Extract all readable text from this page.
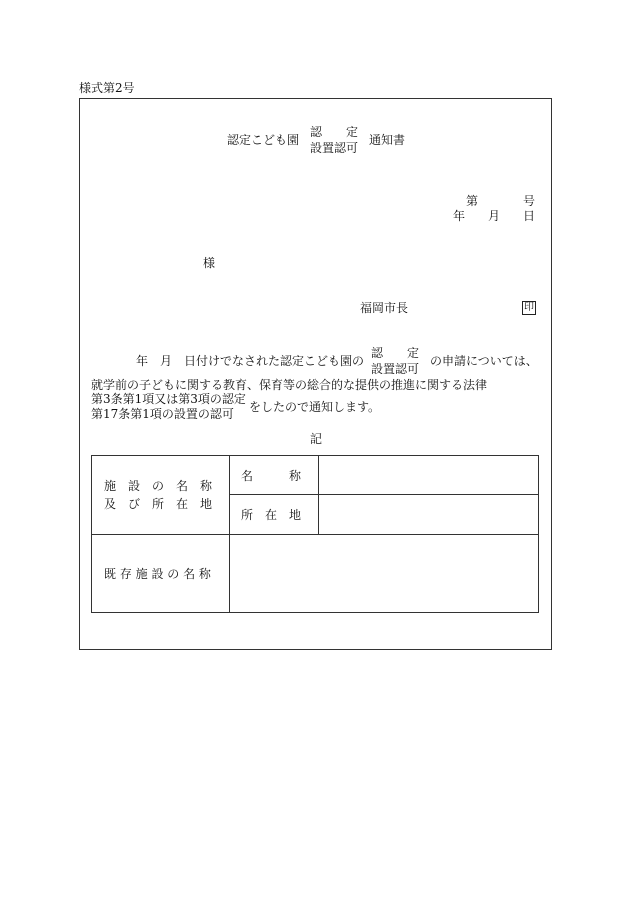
様式第2号
認定こども園
認　　定
設置認可
通知書
第	号
年 月 日
様
福岡市長	印
年　月　日付けでなされた認定こども園の
認　　定
設置認可
の申請については、
就学前の子どもに関する教育、保育等の総合的な提供の推進に関する法律
第3条第1項又は第3項の認定
第17条第1項の設置の認可 をしたので通知します。
記
施　設　の　名　称
及　び　所　在　地	名　　　称	
	所　在　地	
既 存 施 設 の 名 称		
